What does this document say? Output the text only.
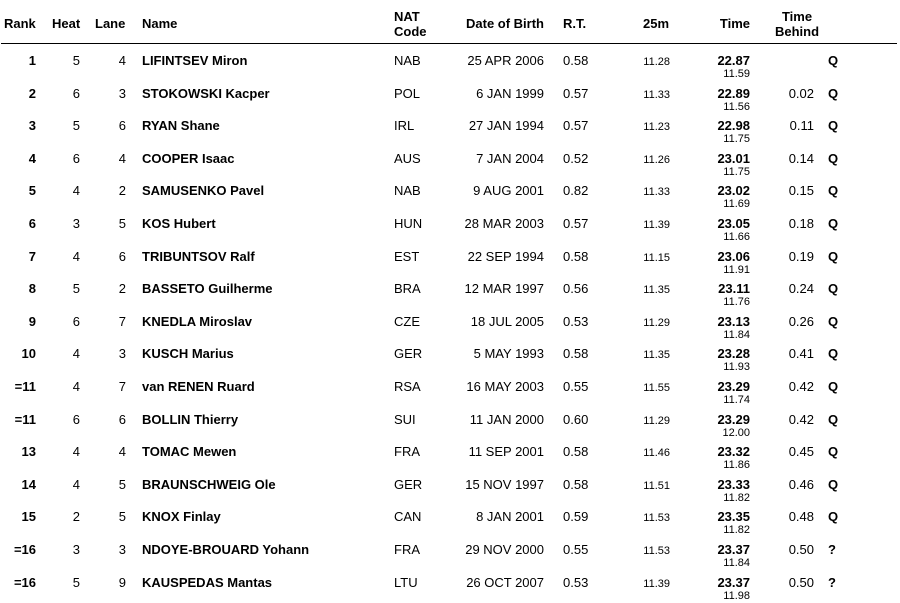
Rank Heat Lane Name	NAT
Code
Date of Birth R.T.	25m	Time	Time
Behind
1	5	4 LIFINTSEV Miron	NAB	25 APR 2006 0.58	11.28	22.87
11.59
Q
2	6	3 STOKOWSKI Kacper	POL	6 JAN 1999 0.57	11.33	22.89
11.56
0.02 Q
3	5	6 RYAN Shane	IRL	27 JAN 1994 0.57	11.23	22.98
11.75
0.11 Q
4	6	4 COOPER Isaac	AUS	7 JAN 2004 0.52	11.26	23.01
11.75
0.14 Q
5	4	2 SAMUSENKO Pavel	NAB	9 AUG 2001 0.82	11.33	23.02
11.69
0.15 Q
6	3	5 KOS Hubert	HUN	28 MAR 2003 0.57	11.39	23.05
11.66
0.18 Q
7	4	6 TRIBUNTSOV Ralf	EST	22 SEP 1994 0.58	11.15	23.06
11.91
0.19 Q
8	5	2 BASSETO Guilherme	BRA	12 MAR 1997 0.56	11.35	23.11
11.76
0.24 Q
9	6	7 KNEDLA Miroslav	CZE	18 JUL 2005 0.53	11.29	23.13
11.84
0.26 Q
10	4	3 KUSCH Marius	GER	5 MAY 1993 0.58	11.35	23.28
11.93
0.41 Q
=11	4	7 van RENEN Ruard	RSA	16 MAY 2003 0.55	11.55	23.29
11.74
0.42 Q
=11	6	6 BOLLIN Thierry	SUI	11 JAN 2000 0.60	11.29	23.29
12.00
0.42 Q
13	4	4 TOMAC Mewen	FRA	11 SEP 2001 0.58	11.46	23.32
11.86
0.45 Q
14	4	5 BRAUNSCHWEIG Ole	GER	15 NOV 1997 0.58	11.51	23.33
11.82
0.46 Q
15	2	5 KNOX Finlay	CAN	8 JAN 2001 0.59	11.53	23.35
11.82
0.48 Q
=16	3	3 NDOYE-BROUARD Yohann	FRA	29 NOV 2000 0.55	11.53	23.37
11.84
0.50 ?
=16	5	9 KAUSPEDAS Mantas	LTU	26 OCT 2007 0.53	11.39	23.37
11.98
0.50 ?
